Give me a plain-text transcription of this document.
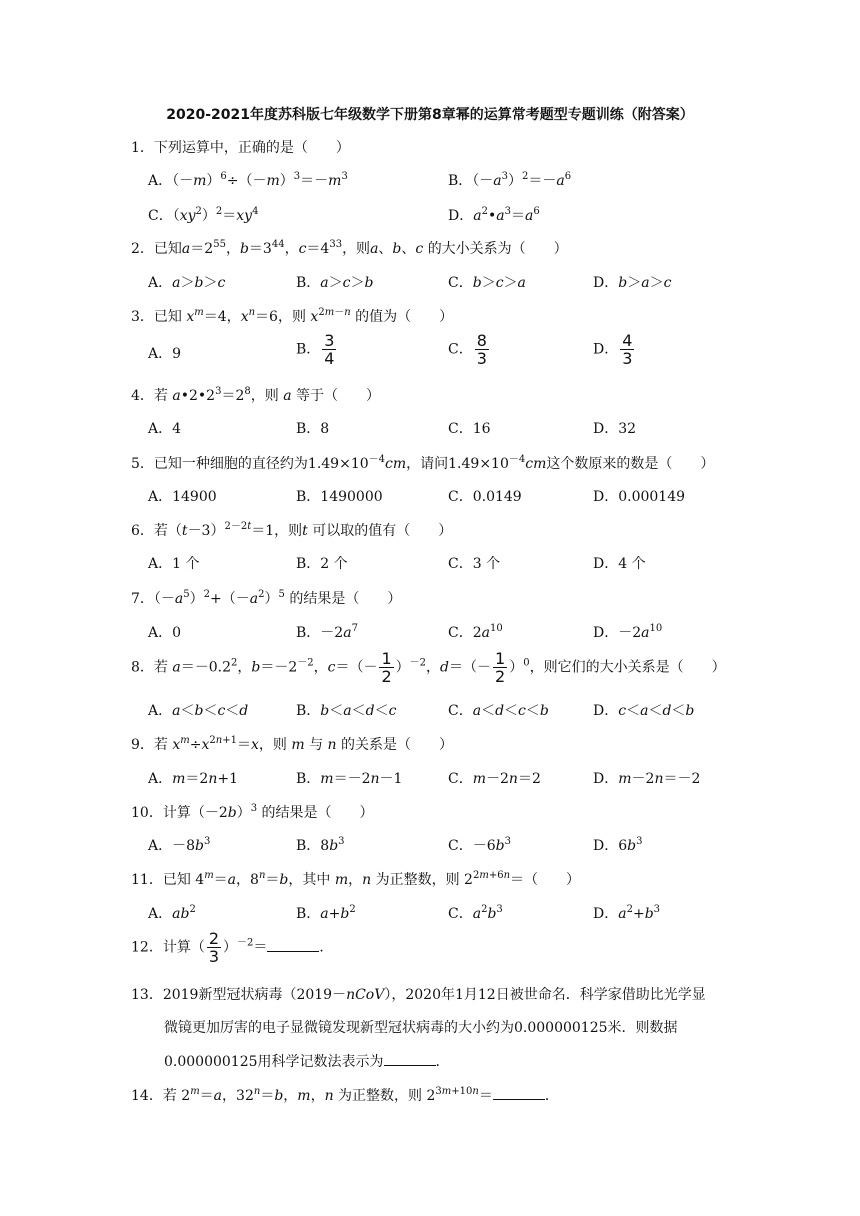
2020-2021年度苏科版七年级数学下册第8章幂的运算常考题型专题训练（附答案）
1．下列运算中，正确的是（　　）
A．$(-m)^6\div(-m)^3=-m^3$	B．$(-a^3)^2=-a^6$
C．$(xy^2)^2=xy^4$	D．$a^2•a^3=a^6$
2．已知$a=2^{55}$，$b=3^{44}$，$c=4^{33}$，则a、b、c 的大小关系为（　　）
A．a＞b＞c	B．a＞c＞b	C．b＞c＞a	D．b＞a＞c
3．已知 $x^m=4$，$x^n=6$，则 $x^{2m-n}$ 的值为（　　）
A．9	B． $\frac{3}{4}$	C． $\frac{8}{3}$	D． $\frac{4}{3}$
4．若 $a•2•2^3=2^8$，则 a 等于（　　）
A．4	B．8	C．16	D．32
5．已知一种细胞的直径约为$1.49\times 10^{-4}cm$，请问$1.49\times 10^{-4}cm$这个数原来的数是（　　）
A．14900	B．1490000	C．0.0149	D．0.000149
6．若$(t-3)^{2-2t}=1$，则t 可以取的值有（　　）
A．1 个	B．2 个	C．3 个	D．4 个
7．$(-a^5)^2+(-a^2)^5$ 的结果是（　　）
A．0	B．$-2a^7$	C．$2a^{10}$	D．$-2a^{10}$
8．若 $a=-0.2^2$，$b=-2^{-2}$，$c=(- \frac{1}{2} )^{-2}$，$d=(- \frac{1}{2} )^0$，则它们的大小关系是（　　）
A．a＜b＜c＜d	B．b＜a＜d＜c	C．a＜d＜c＜b	D．c＜a＜d＜b
9．若 $x^m\div x^{2n+1}=x$，则 m 与 n 的关系是（　　）
A．m＝2n+1	B．m＝－2n－1	C．m－2n＝2	D．m－2n＝－2
10．计算$(-2b)^3$ 的结果是（　　）
A．$-8b^3$	B．$8b^3$	C．$-6b^3$	D．$6b^3$
11．已知 $4^m=a$，$8^n=b$，其中 m，n 为正整数，则 $2^{2m+6n}=$（　　）
A．$ab^2$	B．$a+b^2$	C．$a^2b^3$	D．$a^2+b^3$
12．计算（ $\frac{2}{3} )^{-2}=$	．
13．2019新型冠状病毒（2019－nCoV），2020年1月12日被世命名．科学家借助比光学显
微镜更加厉害的电子显微镜发现新型冠状病毒的大小约为0.000000125米．则数据
0.000000125用科学记数法表示为	．
14．若 $2^m=a$，$32^n=b$，m，n 为正整数，则 $2^{3m+10n}=$	．
